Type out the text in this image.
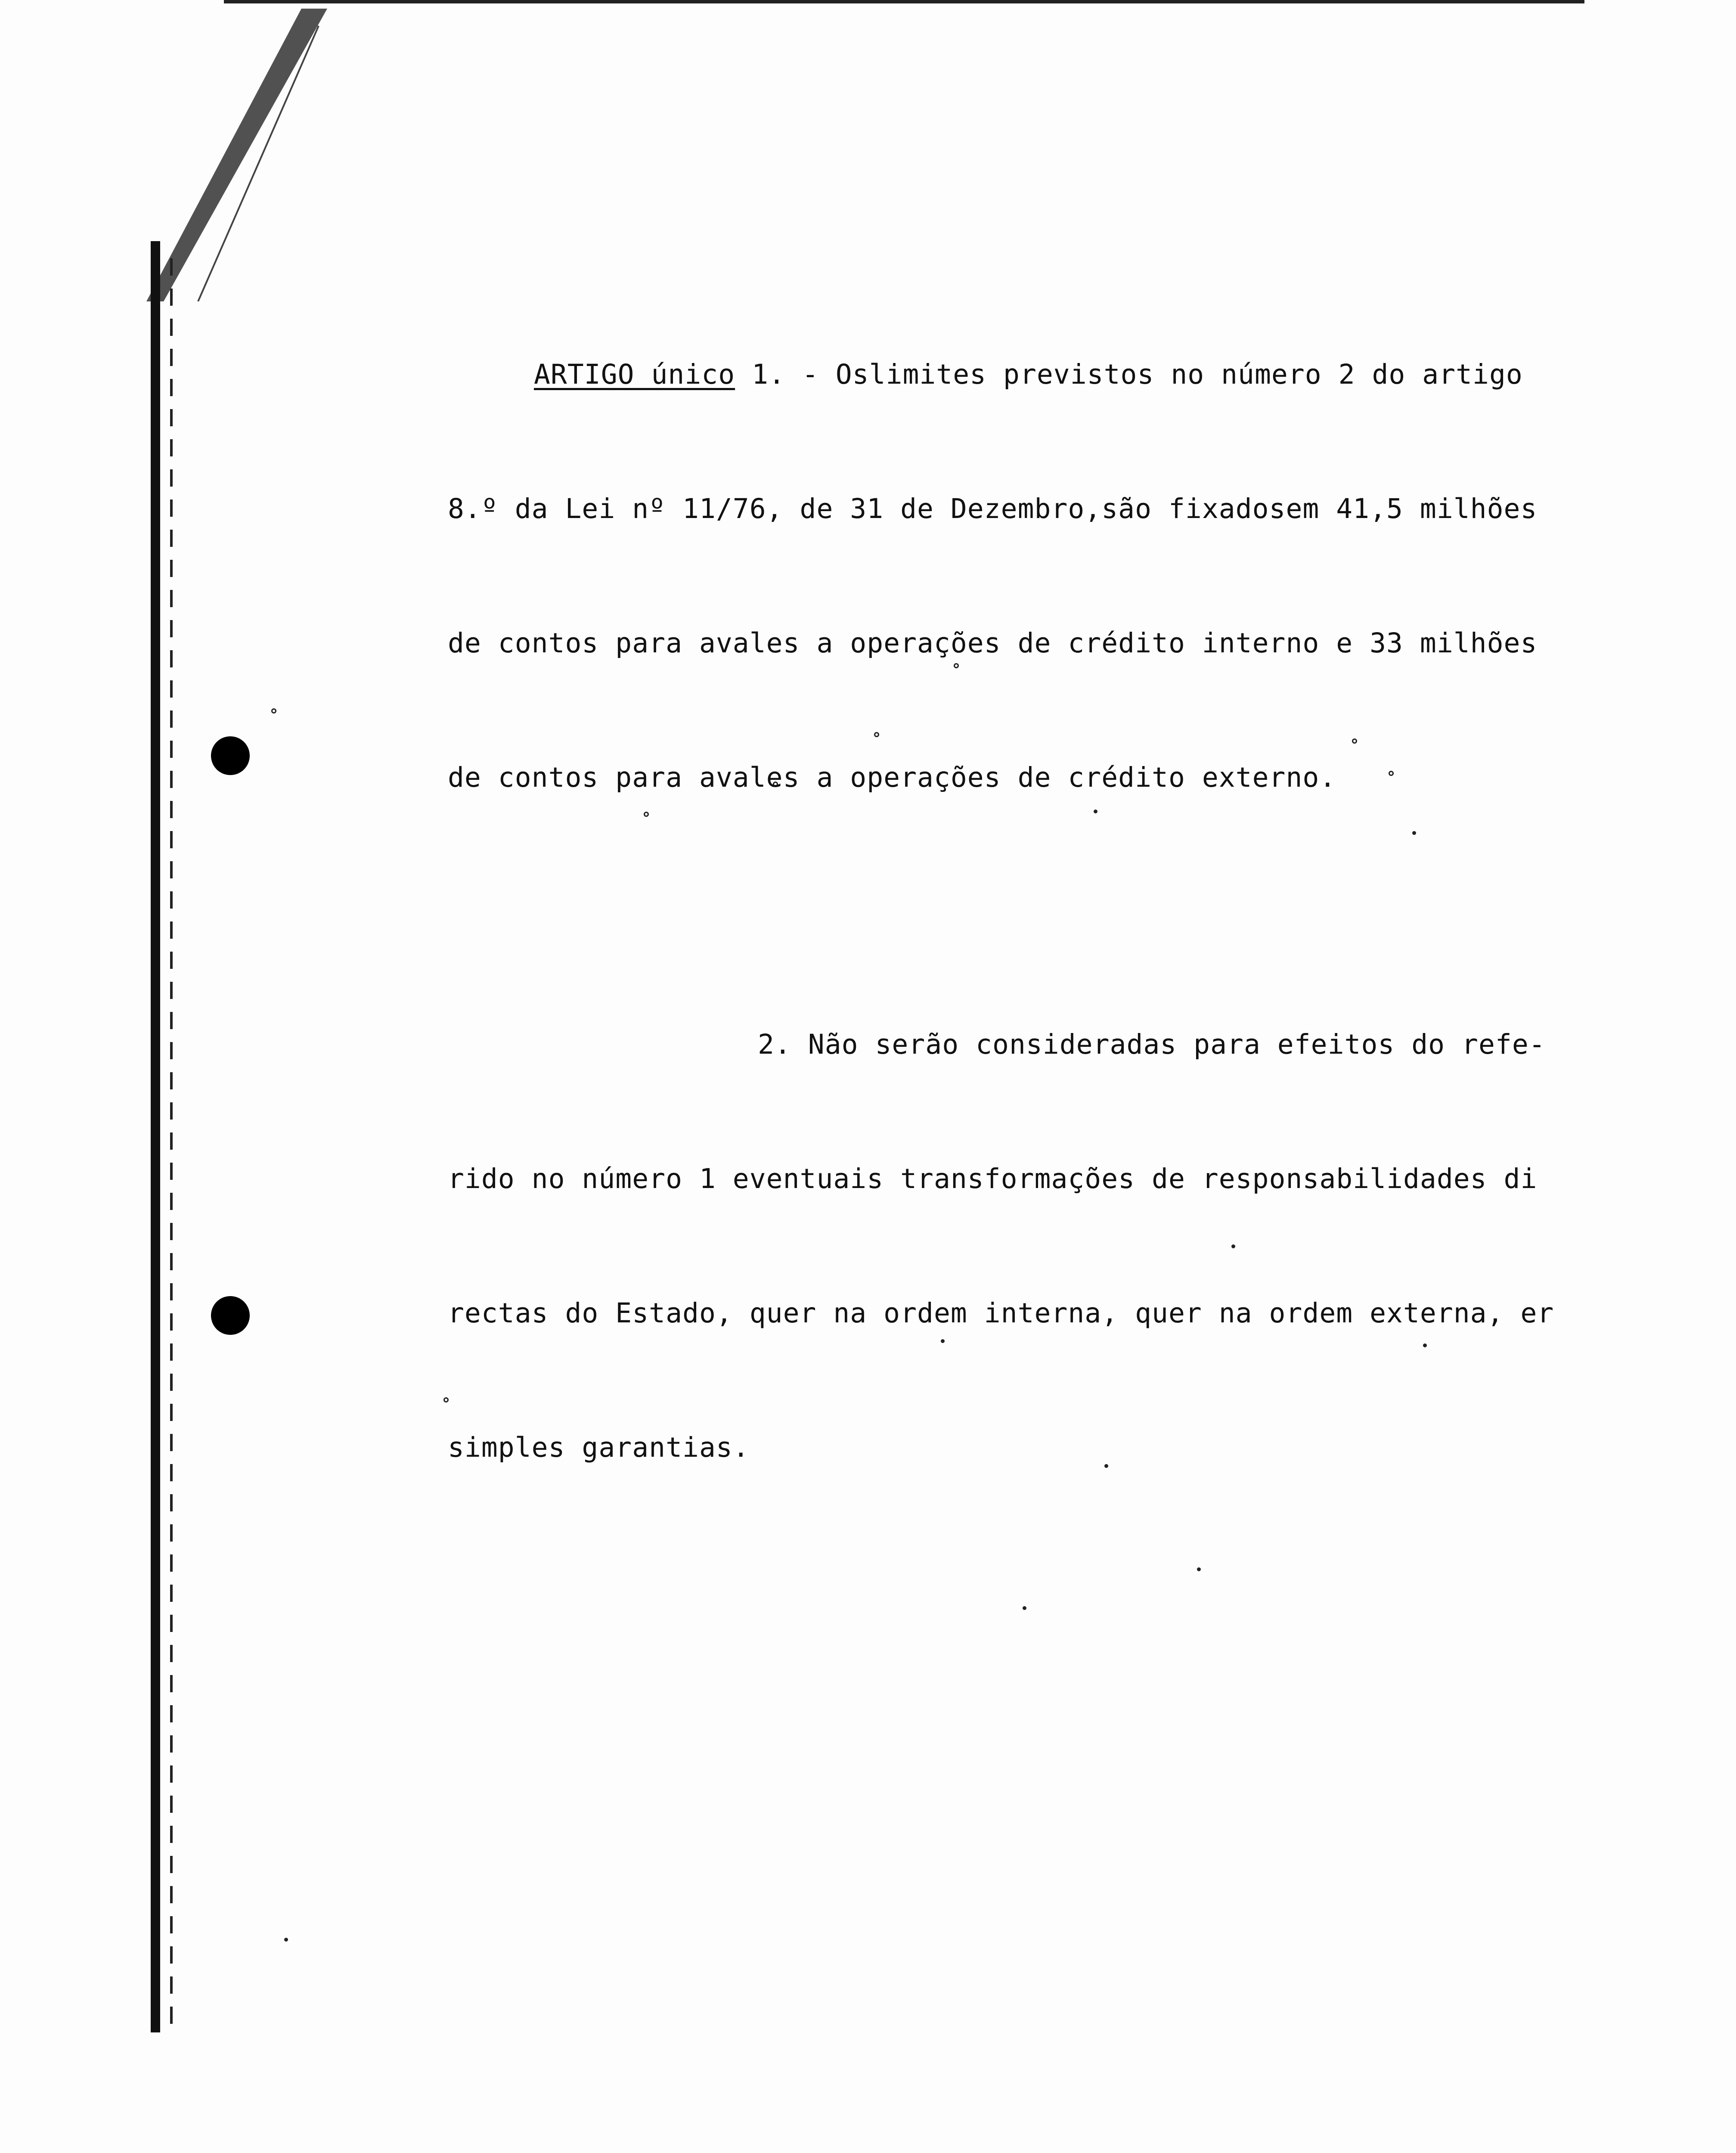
ARTIGO único 1. - Oslimites previstos no número 2 do artigo

8.º da Lei nº 11/76, de 31 de Dezembro,são fixadosem 41,5 milhões

de contos para avales a operações de crédito interno e 33 milhões

de contos para avales a operações de crédito externo.

2. Não serão consideradas para efeitos do refe-

rido no número 1 eventuais transformações de responsabilidades di

rectas do Estado, quer na ordem interna, quer na ordem externa, er

simples garantias.
